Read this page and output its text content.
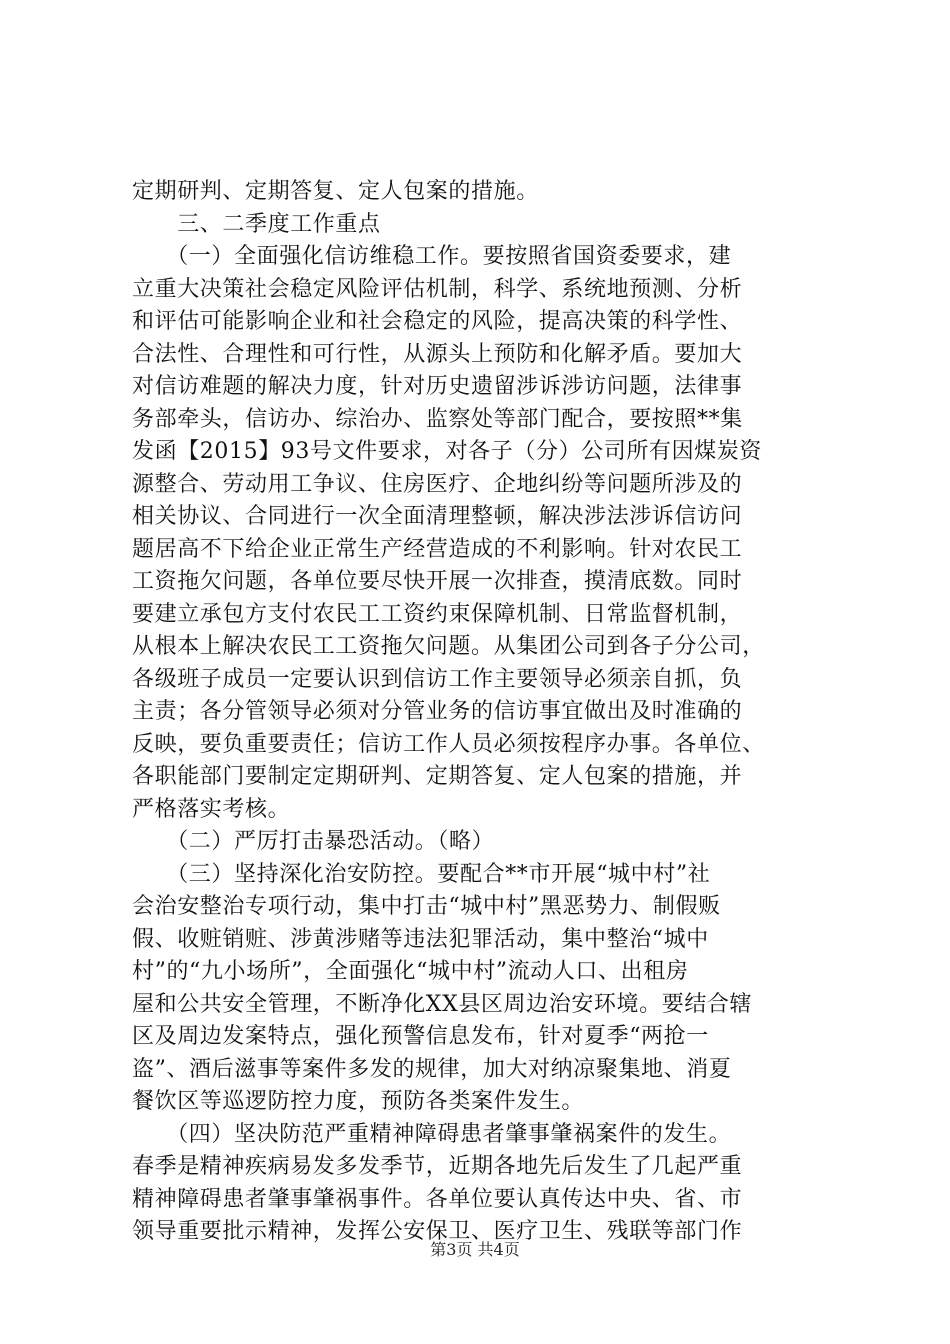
定期研判、定期答复、定人包案的措施。
　　三、二季度工作重点
　　（一）全面强化信访维稳工作。要按照省国资委要求，建
立重大决策社会稳定风险评估机制，科学、系统地预测、分析
和评估可能影响企业和社会稳定的风险，提高决策的科学性、
合法性、合理性和可行性，从源头上预防和化解矛盾。要加大
对信访难题的解决力度，针对历史遗留涉诉涉访问题，法律事
务部牵头，信访办、综治办、监察处等部门配合，要按照**集
发函【2015】93号文件要求，对各子（分）公司所有因煤炭资
源整合、劳动用工争议、住房医疗、企地纠纷等问题所涉及的
相关协议、合同进行一次全面清理整顿，解决涉法涉诉信访问
题居高不下给企业正常生产经营造成的不利影响。针对农民工
工资拖欠问题，各单位要尽快开展一次排查，摸清底数。同时
要建立承包方支付农民工工资约束保障机制、日常监督机制，
从根本上解决农民工工资拖欠问题。从集团公司到各子分公司，
各级班子成员一定要认识到信访工作主要领导必须亲自抓，负
主责；各分管领导必须对分管业务的信访事宜做出及时准确的
反映，要负重要责任；信访工作人员必须按程序办事。各单位、
各职能部门要制定定期研判、定期答复、定人包案的措施，并
严格落实考核。
　　（二）严厉打击暴恐活动。（略）
　　（三）坚持深化治安防控。要配合**市开展“城中村”社
会治安整治专项行动，集中打击“城中村”黑恶势力、制假贩
假、收赃销赃、涉黄涉赌等违法犯罪活动，集中整治“城中
村”的“九小场所”，全面强化“城中村”流动人口、出租房
屋和公共安全管理，不断净化XX县区周边治安环境。要结合辖
区及周边发案特点，强化预警信息发布，针对夏季“两抢一
盗”、酒后滋事等案件多发的规律，加大对纳凉聚集地、消夏
餐饮区等巡逻防控力度，预防各类案件发生。
　　（四）坚决防范严重精神障碍患者肇事肇祸案件的发生。
春季是精神疾病易发多发季节，近期各地先后发生了几起严重
精神障碍患者肇事肇祸事件。各单位要认真传达中央、省、市
领导重要批示精神，发挥公安保卫、医疗卫生、残联等部门作
第3页 共4页
